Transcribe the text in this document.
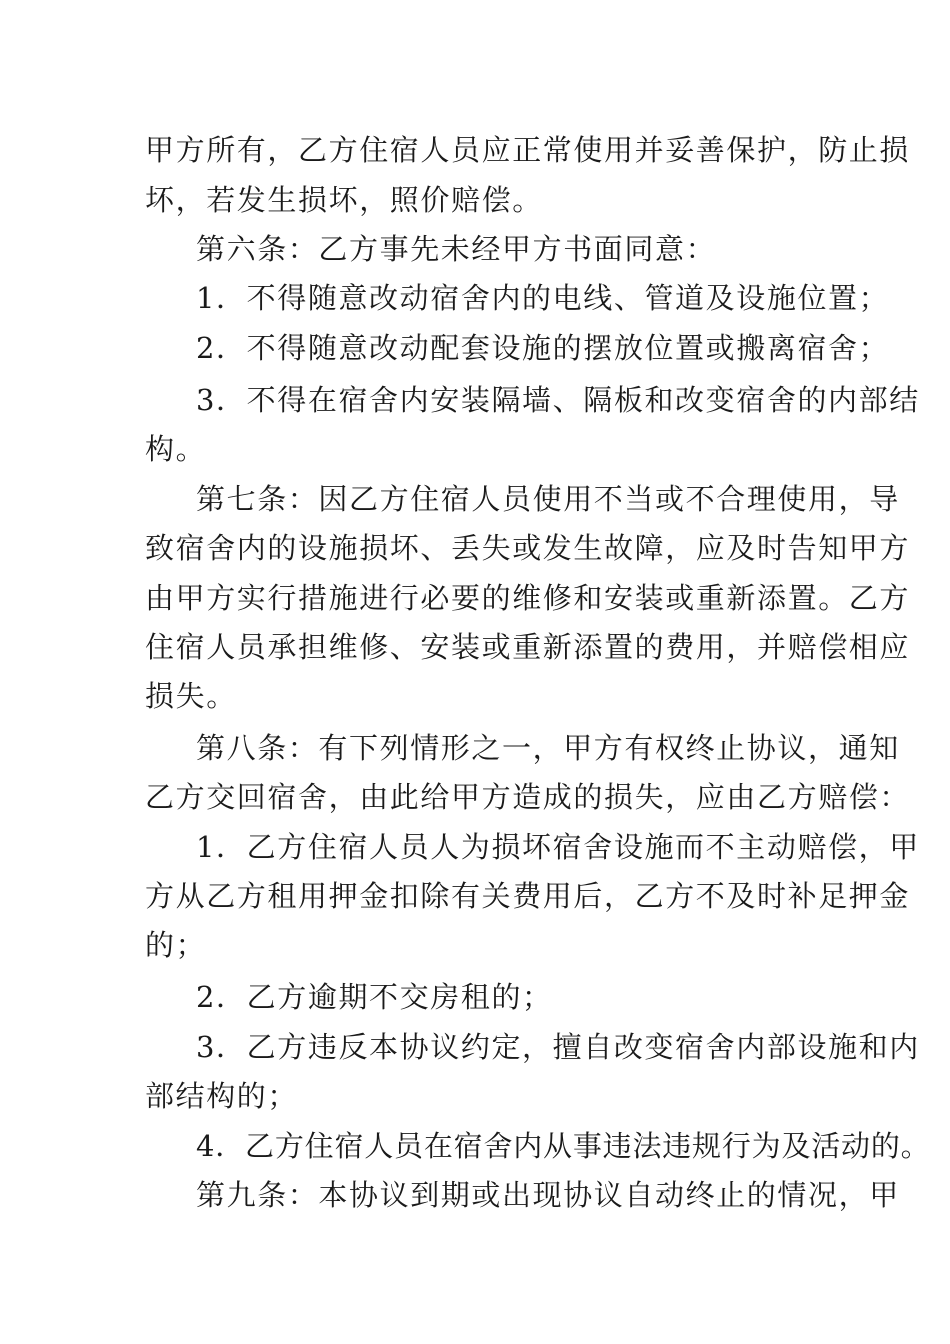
甲方所有，乙方住宿人员应正常使用并妥善保护，防止损
坏，若发生损坏，照价赔偿。
第六条：乙方事先未经甲方书面同意：
1．不得随意改动宿舍内的电线、管道及设施位置；
2．不得随意改动配套设施的摆放位置或搬离宿舍；
3．不得在宿舍内安装隔墙、隔板和改变宿舍的内部结
构。
第七条：因乙方住宿人员使用不当或不合理使用，导
致宿舍内的设施损坏、丢失或发生故障，应及时告知甲方
由甲方实行措施进行必要的维修和安装或重新添置。乙方
住宿人员承担维修、安装或重新添置的费用，并赔偿相应
损失。
第八条：有下列情形之一，甲方有权终止协议，通知
乙方交回宿舍，由此给甲方造成的损失，应由乙方赔偿：
1．乙方住宿人员人为损坏宿舍设施而不主动赔偿，甲
方从乙方租用押金扣除有关费用后，乙方不及时补足押金
的；
2．乙方逾期不交房租的；
3．乙方违反本协议约定，擅自改变宿舍内部设施和内
部结构的；
4．乙方住宿人员在宿舍内从事违法违规行为及活动的。
第九条：本协议到期或出现协议自动终止的情况，甲
